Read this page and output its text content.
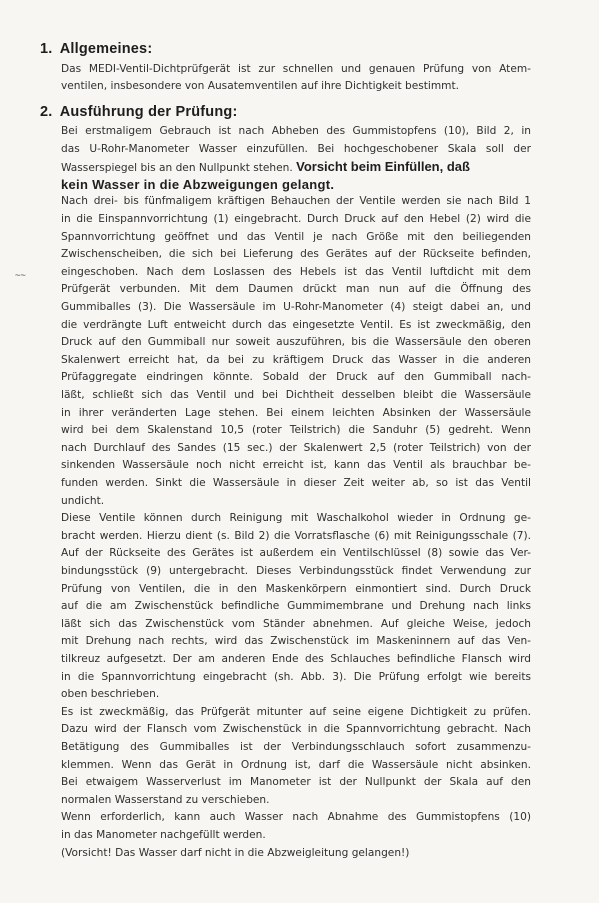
1. Allgemeines:
Das MEDI-Ventil-Dichtprüfgerät ist zur schnellen und genauen Prüfung von Atem-
ventilen, insbesondere von Ausatemventilen auf ihre Dichtigkeit bestimmt.
2. Ausführung der Prüfung:
Bei erstmaligem Gebrauch ist nach Abheben des Gummistopfens (10), Bild 2, in
das U-Rohr-Manometer Wasser einzufüllen. Bei hochgeschobener Skala soll der
Wasserspiegel bis an den Nullpunkt stehen. Vorsicht beim Einfüllen, daß
kein Wasser in die Abzweigungen gelangt.
Nach drei- bis fünfmaligem kräftigen Behauchen der Ventile werden sie nach Bild 1
in die Einspannvorrichtung (1) eingebracht. Durch Druck auf den Hebel (2) wird die
Spannvorrichtung geöffnet und das Ventil je nach Größe mit den beiliegenden
Zwischenscheiben, die sich bei Lieferung des Gerätes auf der Rückseite befinden,
eingeschoben. Nach dem Loslassen des Hebels ist das Ventil luftdicht mit dem
Prüfgerät verbunden. Mit dem Daumen drückt man nun auf die Öffnung des
Gummiballes (3). Die Wassersäule im U-Rohr-Manometer (4) steigt dabei an, und
die verdrängte Luft entweicht durch das eingesetzte Ventil. Es ist zweckmäßig, den
Druck auf den Gummiball nur soweit auszuführen, bis die Wassersäule den oberen
Skalenwert erreicht hat, da bei zu kräftigem Druck das Wasser in die anderen
Prüfaggregate eindringen könnte. Sobald der Druck auf den Gummiball nach-
läßt, schließt sich das Ventil und bei Dichtheit desselben bleibt die Wassersäule
in ihrer veränderten Lage stehen. Bei einem leichten Absinken der Wassersäule
wird bei dem Skalenstand 10,5 (roter Teilstrich) die Sanduhr (5) gedreht. Wenn
nach Durchlauf des Sandes (15 sec.) der Skalenwert 2,5 (roter Teilstrich) von der
sinkenden Wassersäule noch nicht erreicht ist, kann das Ventil als brauchbar be-
funden werden. Sinkt die Wassersäule in dieser Zeit weiter ab, so ist das Ventil
undicht.
Diese Ventile können durch Reinigung mit Waschalkohol wieder in Ordnung ge-
bracht werden. Hierzu dient (s. Bild 2) die Vorratsflasche (6) mit Reinigungsschale (7).
Auf der Rückseite des Gerätes ist außerdem ein Ventilschlüssel (8) sowie das Ver-
bindungsstück (9) untergebracht. Dieses Verbindungsstück findet Verwendung zur
Prüfung von Ventilen, die in den Maskenkörpern einmontiert sind. Durch Druck
auf die am Zwischenstück befindliche Gummimembrane und Drehung nach links
läßt sich das Zwischenstück vom Ständer abnehmen. Auf gleiche Weise, jedoch
mit Drehung nach rechts, wird das Zwischenstück im Maskeninnern auf das Ven-
tilkreuz aufgesetzt. Der am anderen Ende des Schlauches befindliche Flansch wird
in die Spannvorrichtung eingebracht (sh. Abb. 3). Die Prüfung erfolgt wie bereits
oben beschrieben.
Es ist zweckmäßig, das Prüfgerät mitunter auf seine eigene Dichtigkeit zu prüfen.
Dazu wird der Flansch vom Zwischenstück in die Spannvorrichtung gebracht. Nach
Betätigung des Gummiballes ist der Verbindungsschlauch sofort zusammenzu-
klemmen. Wenn das Gerät in Ordnung ist, darf die Wassersäule nicht absinken.
Bei etwaigem Wasserverlust im Manometer ist der Nullpunkt der Skala auf den
normalen Wasserstand zu verschieben.
Wenn erforderlich, kann auch Wasser nach Abnahme des Gummistopfens (10)
in das Manometer nachgefüllt werden.
(Vorsicht! Das Wasser darf nicht in die Abzweigleitung gelangen!)
~~
